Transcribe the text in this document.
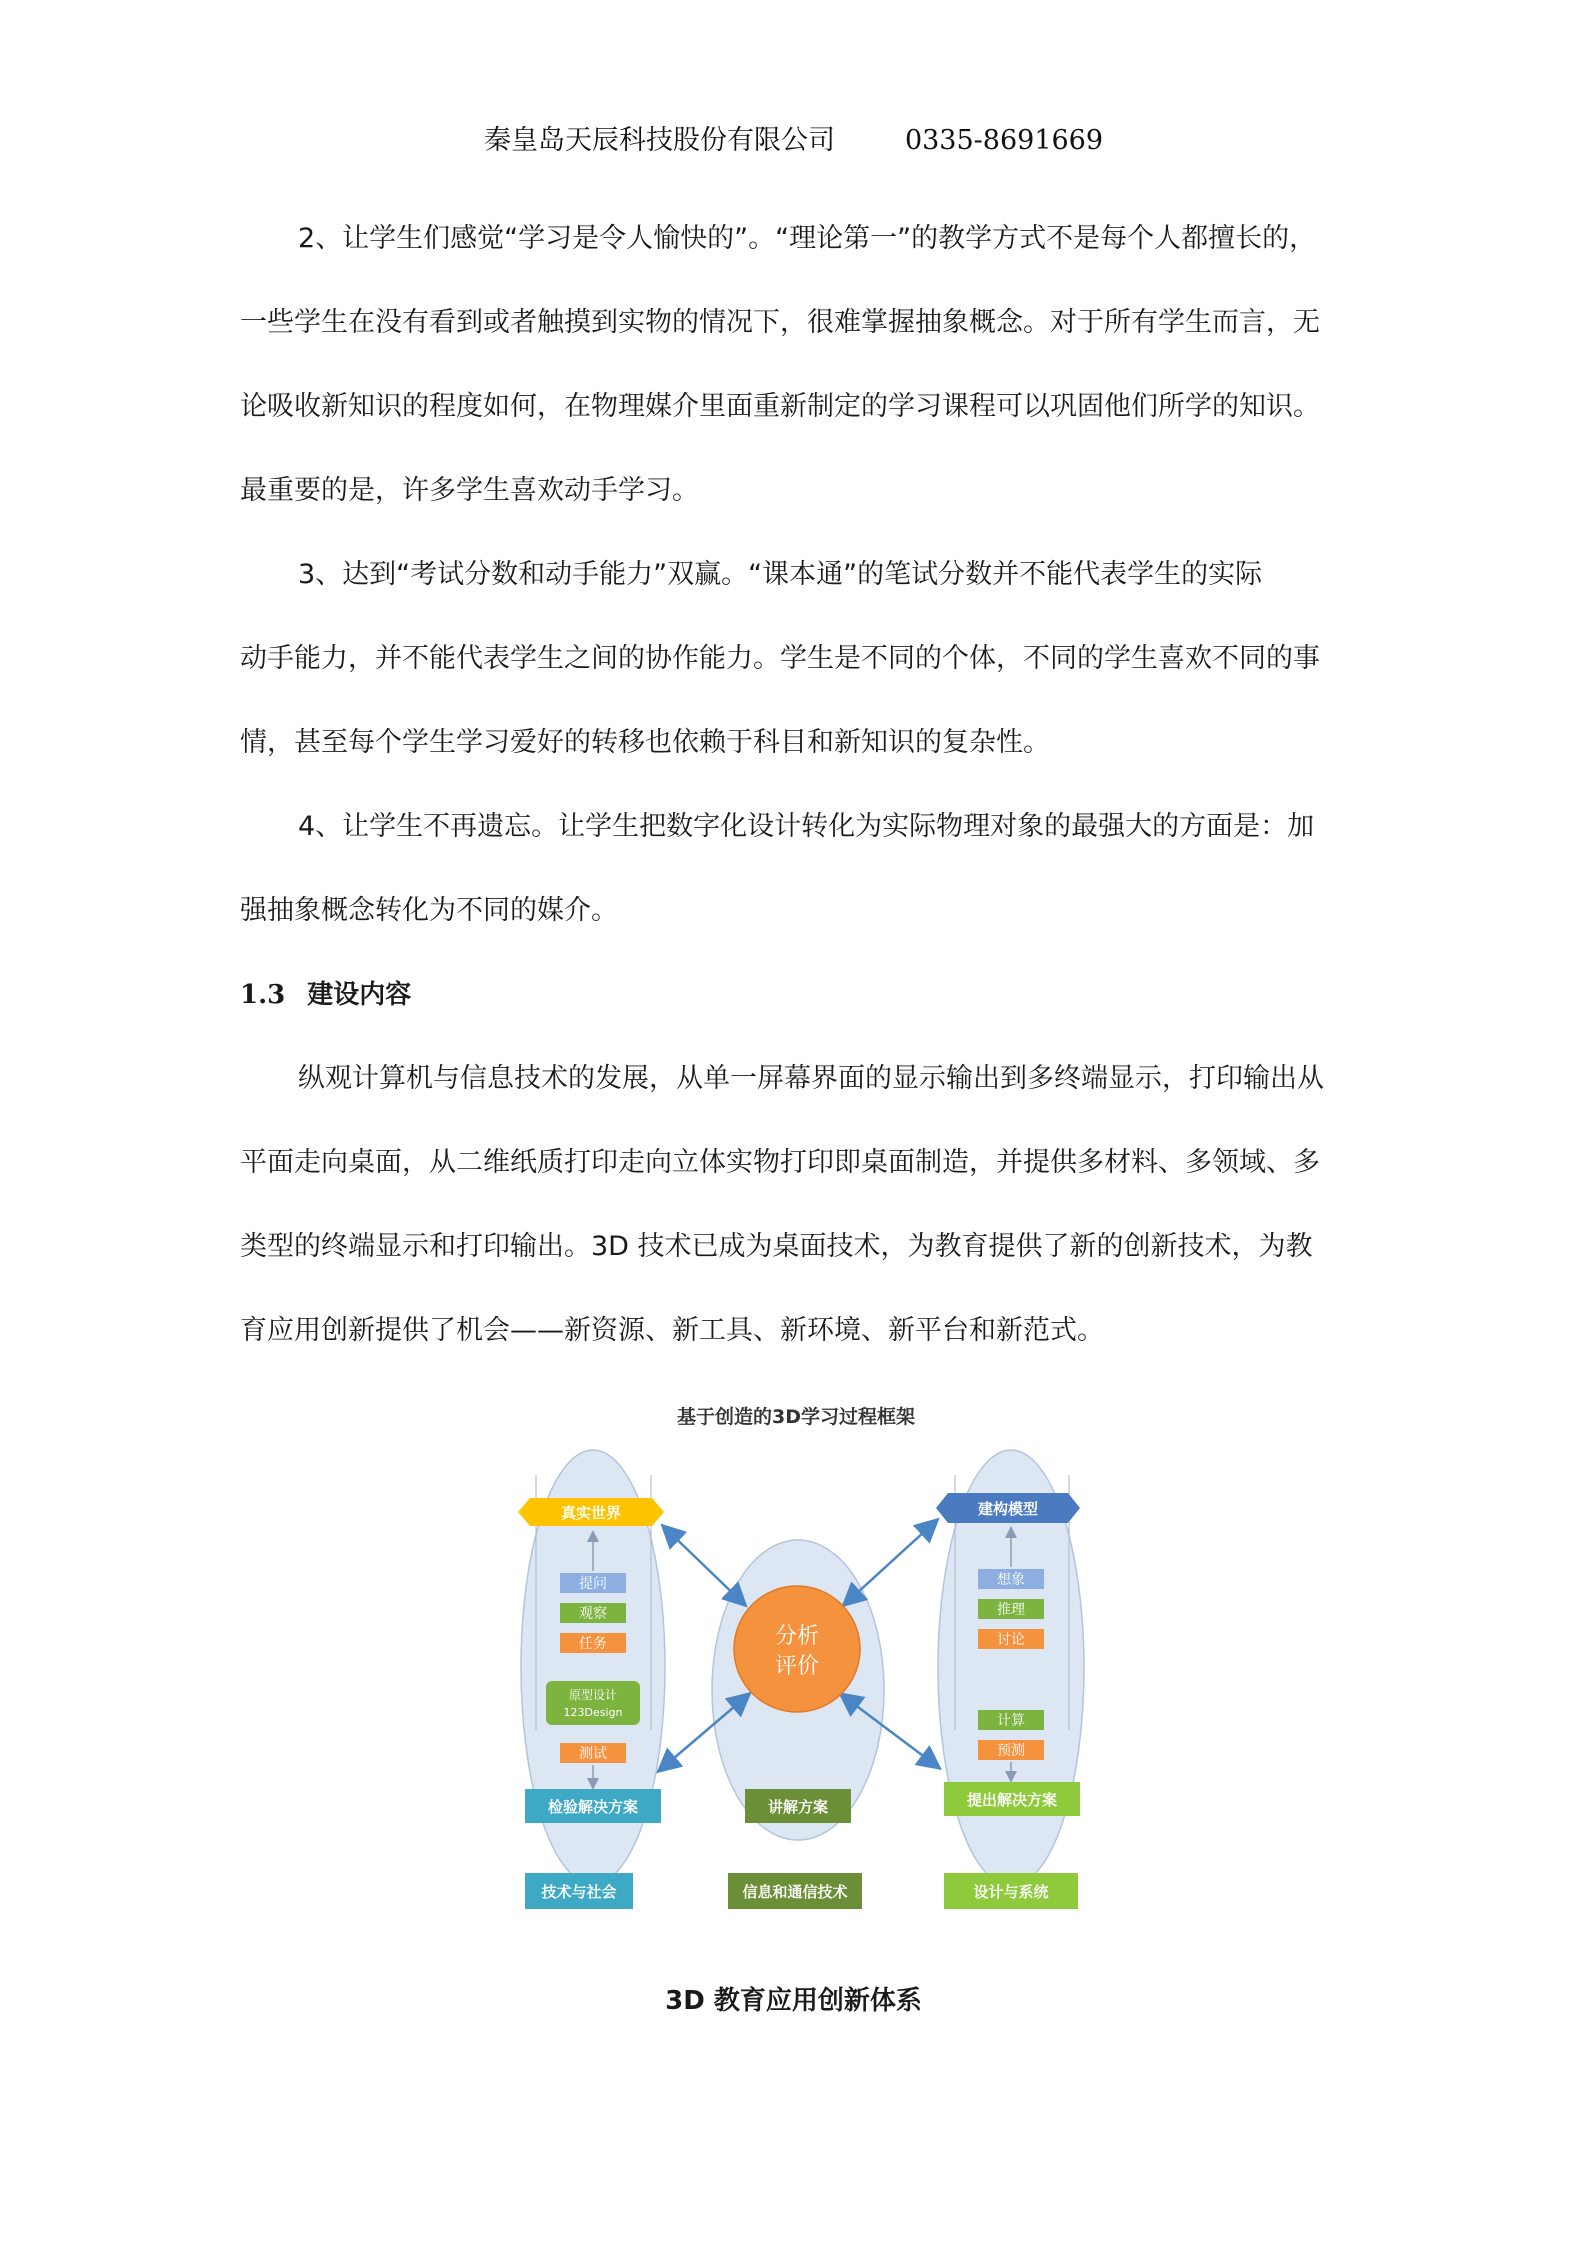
秦皇岛天辰科技股份有限公司	0335-8691669

2、让学生们感觉“学习是令人愉快的”。“理论第一”的教学方式不是每个人都擅长的，
一些学生在没有看到或者触摸到实物的情况下，很难掌握抽象概念。对于所有学生而言，无
论吸收新知识的程度如何，在物理媒介里面重新制定的学习课程可以巩固他们所学的知识。
最重要的是，许多学生喜欢动手学习。

3、达到“考试分数和动手能力”双赢。“课本通”的笔试分数并不能代表学生的实际
动手能力，并不能代表学生之间的协作能力。学生是不同的个体，不同的学生喜欢不同的事
情，甚至每个学生学习爱好的转移也依赖于科目和新知识的复杂性。

4、让学生不再遗忘。让学生把数字化设计转化为实际物理对象的最强大的方面是：加
强抽象概念转化为不同的媒介。

1.3 建设内容

纵观计算机与信息技术的发展，从单一屏幕界面的显示输出到多终端显示，打印输出从
平面走向桌面，从二维纸质打印走向立体实物打印即桌面制造，并提供多材料、多领域、多
类型的终端显示和打印输出。3D 技术已成为桌面技术，为教育提供了新的创新技术，为教
育应用创新提供了机会——新资源、新工具、新环境、新平台和新范式。

基于创造的3D学习过程框架
分析
评价
真实世界
提问
观察
任务
原型设计
123Design
测试
检验解决方案	讲解方案
建构模型
想象
推理
讨论
计算
预测
提出解决方案
技术与社会	信息和通信技术	设计与系统
3D 教育应用创新体系
